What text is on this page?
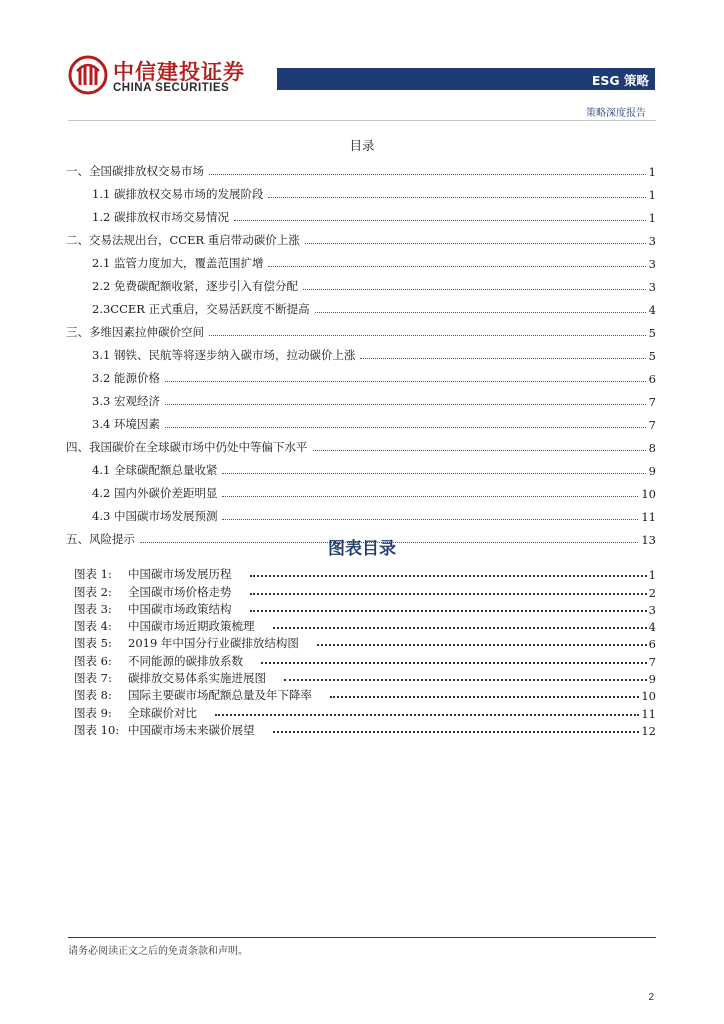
中信建投证券
CHINA SECURITIES	ESG 策略
策略深度报告
目录
一、全国碳排放权交易市场	1
1.1 碳排放权交易市场的发展阶段	1
1.2 碳排放权市场交易情况	1
二、交易法规出台，CCER 重启带动碳价上涨	3
2.1 监管力度加大，覆盖范围扩增	3
2.2 免费碳配额收紧，逐步引入有偿分配	3
2.3CCER 正式重启，交易活跃度不断提高	4
三、多维因素拉伸碳价空间	5
3.1 钢铁、民航等将逐步纳入碳市场，拉动碳价上涨	5
3.2 能源价格	6
3.3 宏观经济	7
3.4 环境因素	7
四、我国碳价在全球碳市场中仍处中等偏下水平	8
4.1 全球碳配额总量收紧	9
4.2 国内外碳价差距明显	10
4.3 中国碳市场发展预测	11
五、风险提示	13
图表目录
图表 1:	中国碳市场发展历程	1
图表 2:	全国碳市场价格走势	2
图表 3:	中国碳市场政策结构	3
图表 4:	中国碳市场近期政策梳理	4
图表 5:	2019 年中国分行业碳排放结构图	6
图表 6:	不同能源的碳排放系数	7
图表 7:	碳排放交易体系实施进展图	9
图表 8:	国际主要碳市场配额总量及年下降率	10
图表 9:	全球碳价对比	11
图表 10: 中国碳市场未来碳价展望	12
请务必阅读正文之后的免责条款和声明。
2
